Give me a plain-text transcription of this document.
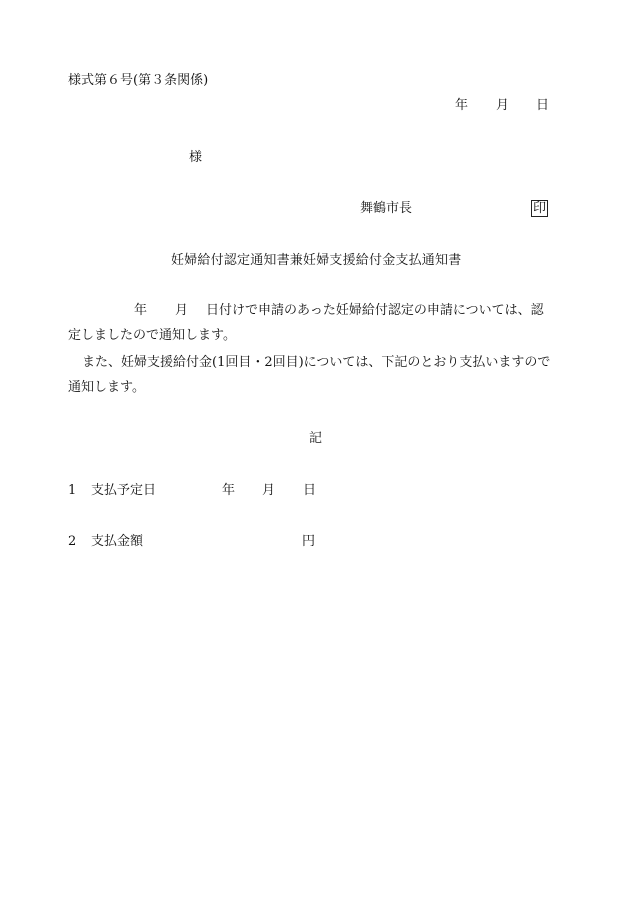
様式第６号(第３条関係)
年 月 日
様
舞鶴市長	印
妊婦給付認定通知書兼妊婦支援給付金支払通知書
年 月 日付けで申請のあった妊婦給付認定の申請については、認
定しましたので通知します。
また、妊婦支援給付金(1回目・2回目)については、下記のとおり支払いますので
通知します。
記
1 支払予定日	年 月 日
2 支払金額	円
